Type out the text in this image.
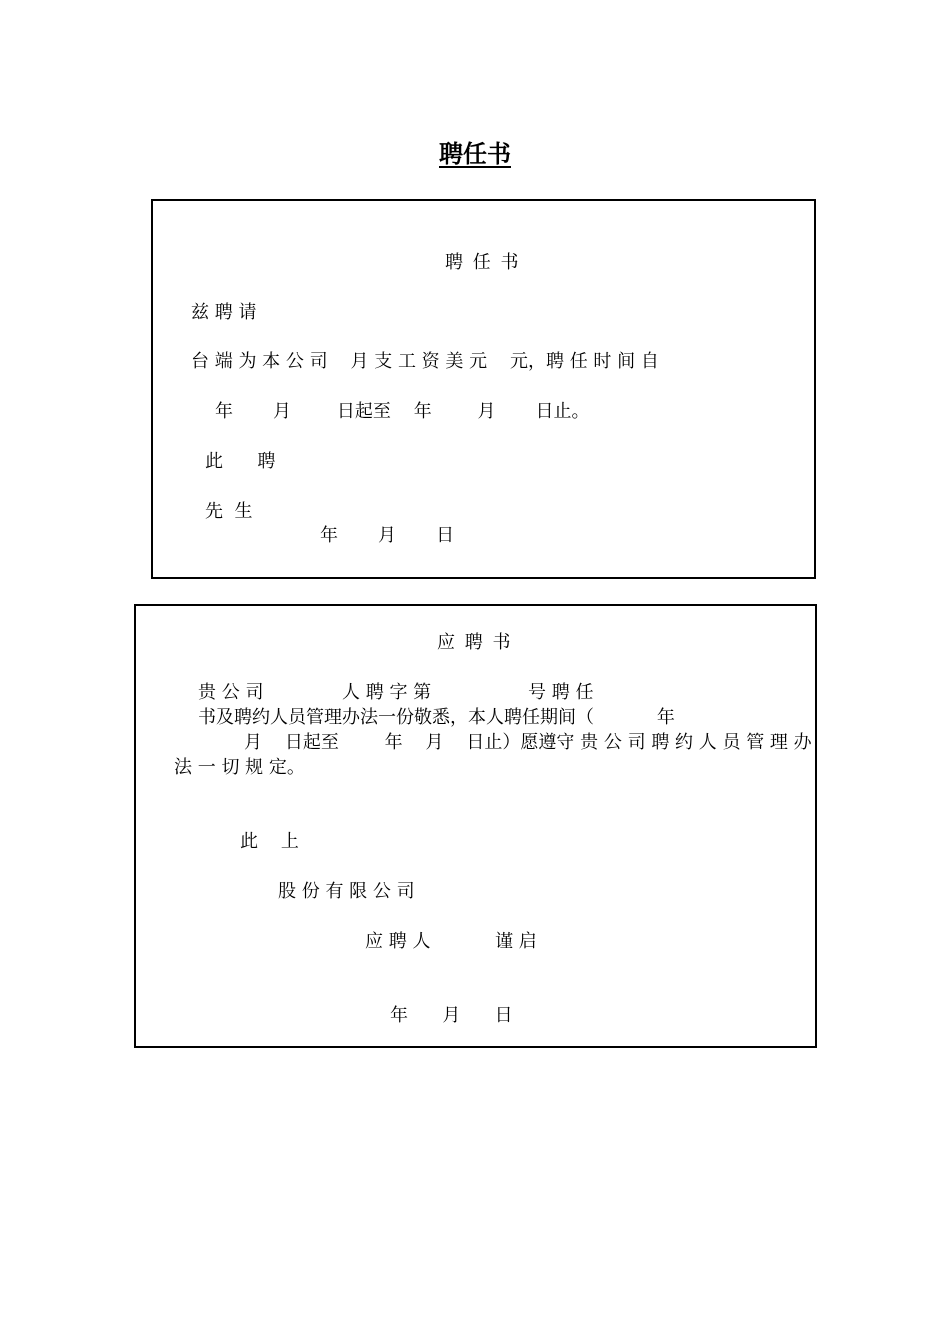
聘任书
聘 任 书
兹 聘 请
台 端 为 本 公 司    月 支 工 资 美 元    元，聘 任 时 间 自
年       月        日起至    年        月       日止。
此      聘
先  生
年       月       日
应 聘 书
贵 公 司	人 聘 字 第	号 聘 任
书及聘约人员管理办法一份敬悉，本人聘任期间（           年
月    日起至        年    月    日止）愿遵守 贵 公 司 聘 约 人 员 管 理 办
法 一 切 规 定。
此    上
股 份 有 限 公 司
应 聘 人	谨 启
年      月      日
